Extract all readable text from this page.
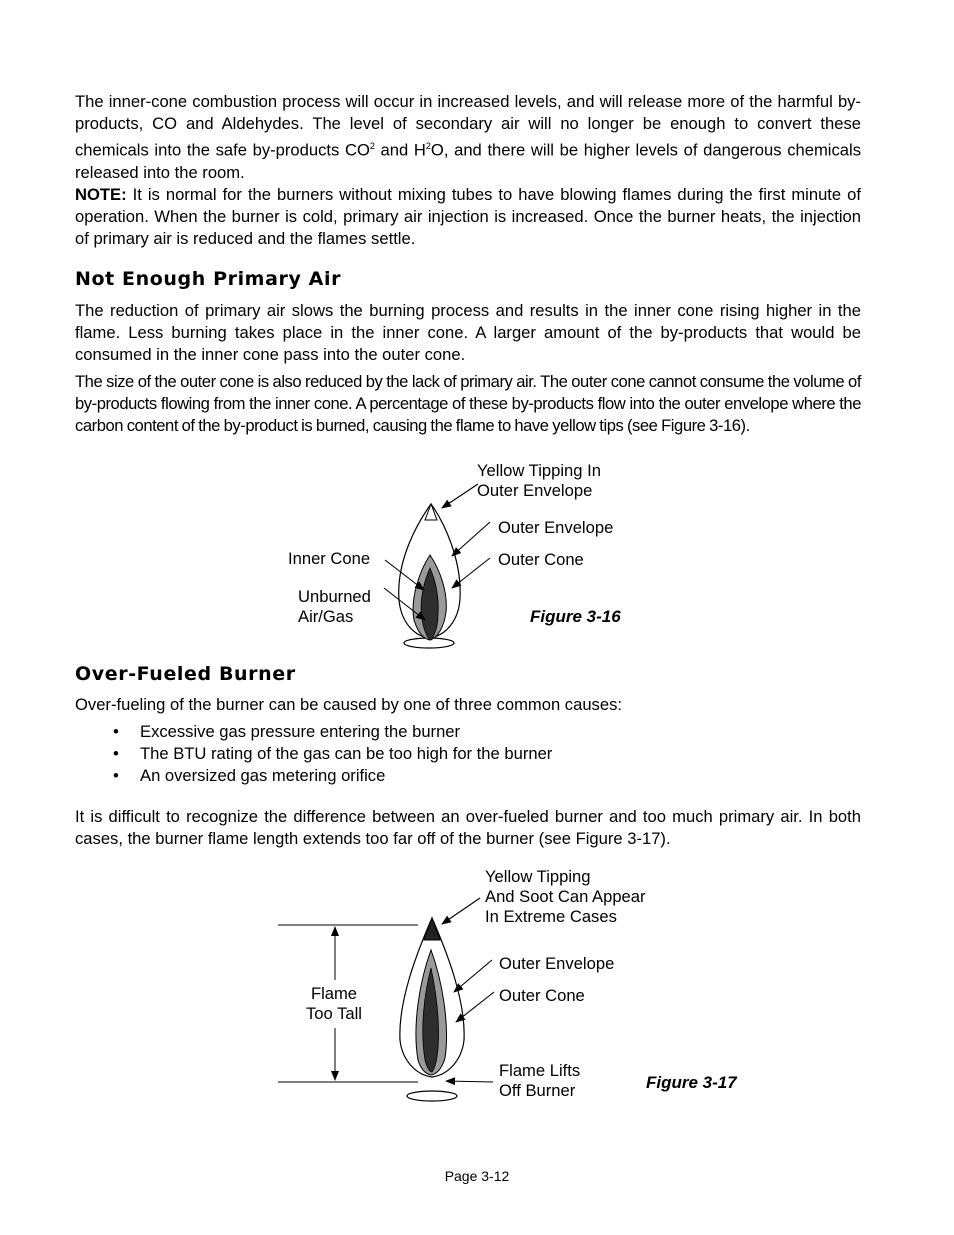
The inner-cone combustion process will occur in increased levels, and will release more of the harmful by-products, CO and Aldehydes. The level of secondary air will no longer be enough to convert these chemicals into the safe by-products $CO^2$ and $H^2O$, and there will be higher levels of dangerous chemicals released into the room.

NOTE: It is normal for the burners without mixing tubes to have blowing flames during the first minute of operation. When the burner is cold, primary air injection is increased. Once the burner heats, the injection of primary air is reduced and the flames settle.

Not Enough Primary Air

The reduction of primary air slows the burning process and results in the inner cone rising higher in the flame. Less burning takes place in the inner cone. A larger amount of the by-products that would be consumed in the inner cone pass into the outer cone.

The size of the outer cone is also reduced by the lack of primary air. The outer cone cannot consume the volume of by-products flowing from the inner cone. A percentage of these by-products flow into the outer envelope where the carbon content of the by-product is burned, causing the flame to have yellow tips (see Figure 3-16).

Yellow Tipping In
Outer Envelope
Outer Envelope
Outer Cone
Inner Cone
Unburned
Air/Gas	Figure 3-16
Over-Fueled Burner

Over-fueling of the burner can be caused by one of three common causes:

• Excessive gas pressure entering the burner
• The BTU rating of the gas can be too high for the burner
• An oversized gas metering orifice

It is difficult to recognize the difference between an over-fueled burner and too much primary air. In both cases, the burner flame length extends too far off of the burner (see Figure 3-17).

Yellow Tipping
And Soot Can Appear
In Extreme Cases
Outer Envelope
Outer Cone
Flame
Too Tall
Flame Lifts
Off Burner	Figure 3-17
Page 3-12
